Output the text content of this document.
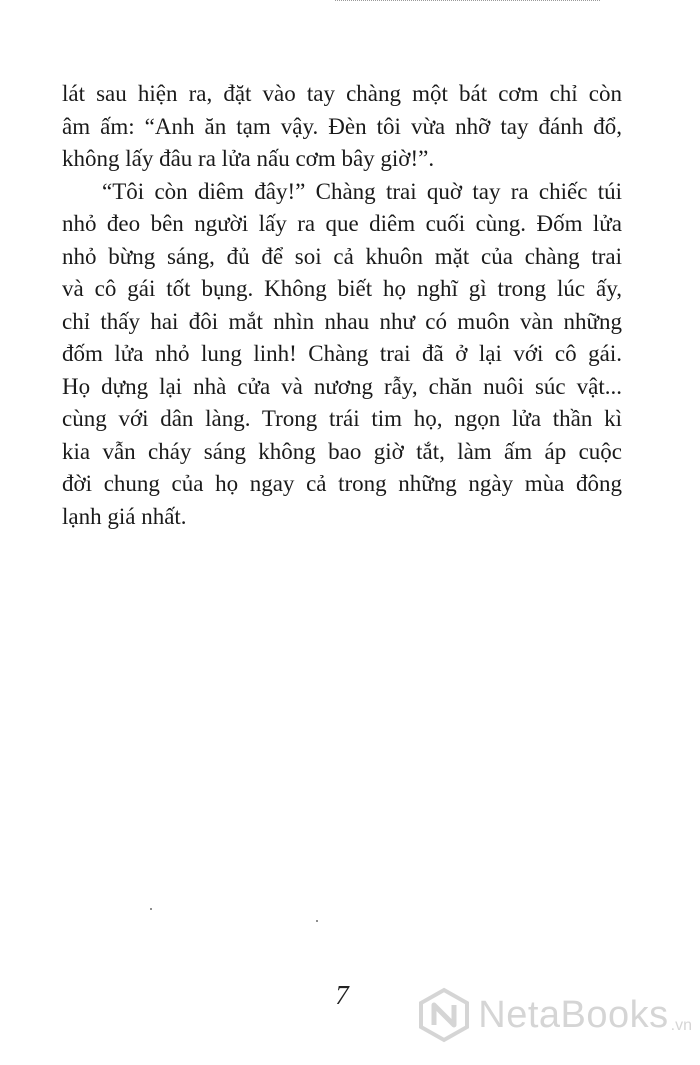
lát sau hiện ra, đặt vào tay chàng một bát cơm chỉ còn
âm ấm: “Anh ăn tạm vậy. Đèn tôi vừa nhỡ tay đánh đổ,
không lấy đâu ra lửa nấu cơm bây giờ!”.

“Tôi còn diêm đây!” Chàng trai quờ tay ra chiếc túi
nhỏ đeo bên người lấy ra que diêm cuối cùng. Đốm lửa
nhỏ bừng sáng, đủ để soi cả khuôn mặt của chàng trai
và cô gái tốt bụng. Không biết họ nghĩ gì trong lúc ấy,
chỉ thấy hai đôi mắt nhìn nhau như có muôn vàn những
đốm lửa nhỏ lung linh! Chàng trai đã ở lại với cô gái.
Họ dựng lại nhà cửa và nương rẫy, chăn nuôi súc vật...
cùng với dân làng. Trong trái tim họ, ngọn lửa thần kì
kia vẫn cháy sáng không bao giờ tắt, làm ấm áp cuộc
đời chung của họ ngay cả trong những ngày mùa đông
lạnh giá nhất.

7	NetaBooks .vn
